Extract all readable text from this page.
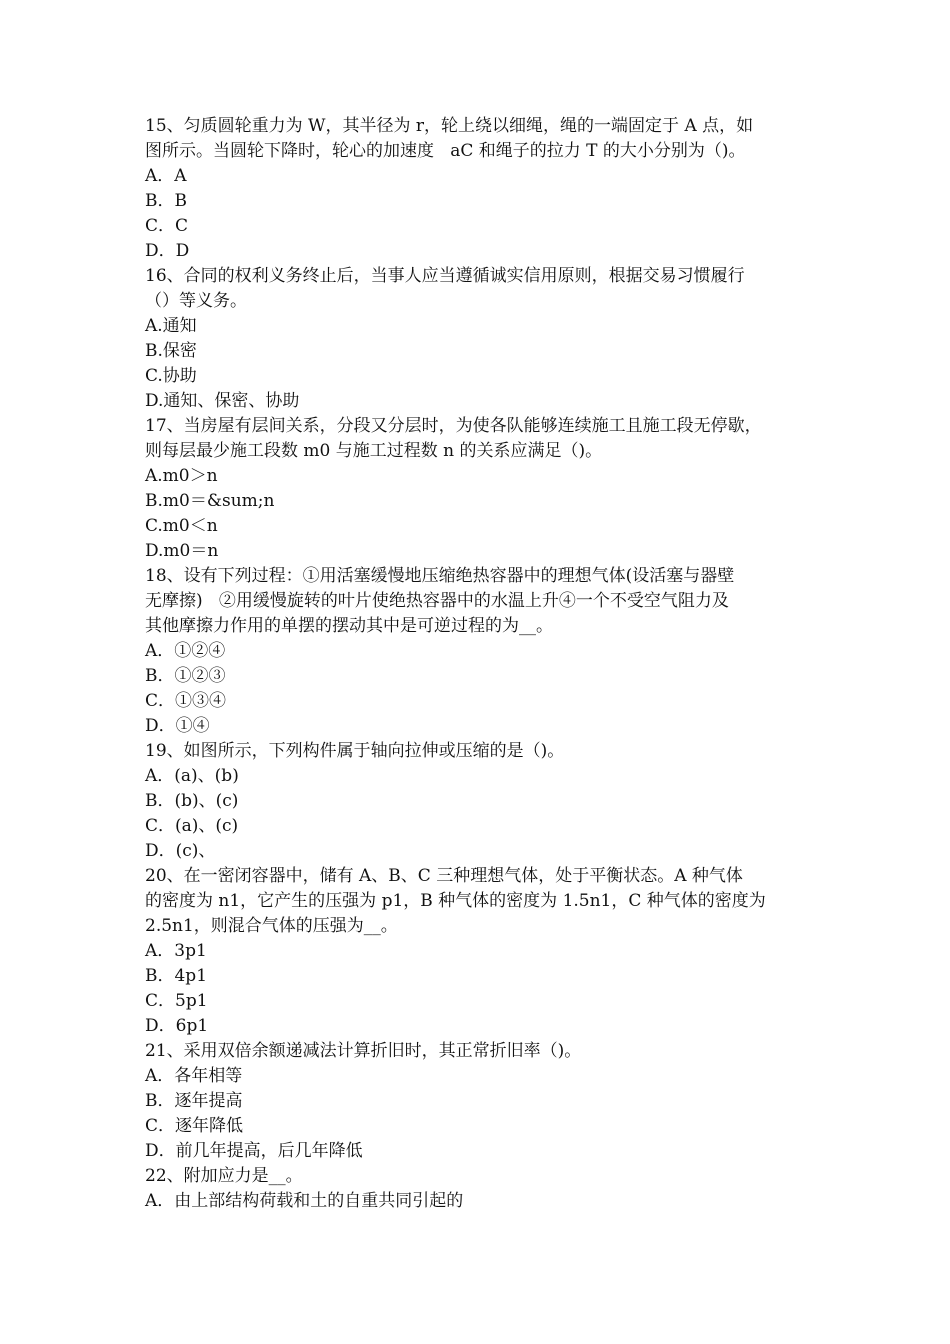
15、匀质圆轮重力为 W，其半径为 r，轮上绕以细绳，绳的一端固定于 A 点，如
图所示。当圆轮下降时，轮心的加速度   aC 和绳子的拉力 T 的大小分别为（)。
A．A
B．B
C．C
D．D
16、合同的权利义务终止后，当事人应当遵循诚实信用原则，根据交易习惯履行
（）等义务。
A.通知
B.保密
C.协助
D.通知、保密、协助
17、当房屋有层间关系，分段又分层时，为使各队能够连续施工且施工段无停歇，
则每层最少施工段数 m0 与施工过程数 n 的关系应满足（)。
A.m0＞n
B.m0＝&sum;n
C.m0＜n
D.m0＝n
18、设有下列过程：①用活塞缓慢地压缩绝热容器中的理想气体(设活塞与器壁
无摩擦)   ②用缓慢旋转的叶片使绝热容器中的水温上升④一个不受空气阻力及
其他摩擦力作用的单摆的摆动其中是可逆过程的为__。
A．①②④
B．①②③
C．①③④
D．①④
19、如图所示，下列构件属于轴向拉伸或压缩的是（)。
A．(a)、(b)
B．(b)、(c)
C．(a)、(c)
D．(c)、
20、在一密闭容器中，储有 A、B、C 三种理想气体，处于平衡状态。A 种气体
的密度为 n1，它产生的压强为 p1，B 种气体的密度为 1.5n1，C 种气体的密度为
2.5n1，则混合气体的压强为__。
A．3p1
B．4p1
C．5p1
D．6p1
21、采用双倍余额递减法计算折旧时，其正常折旧率（)。
A．各年相等
B．逐年提高
C．逐年降低
D．前几年提高，后几年降低
22、附加应力是__。
A．由上部结构荷载和土的自重共同引起的
